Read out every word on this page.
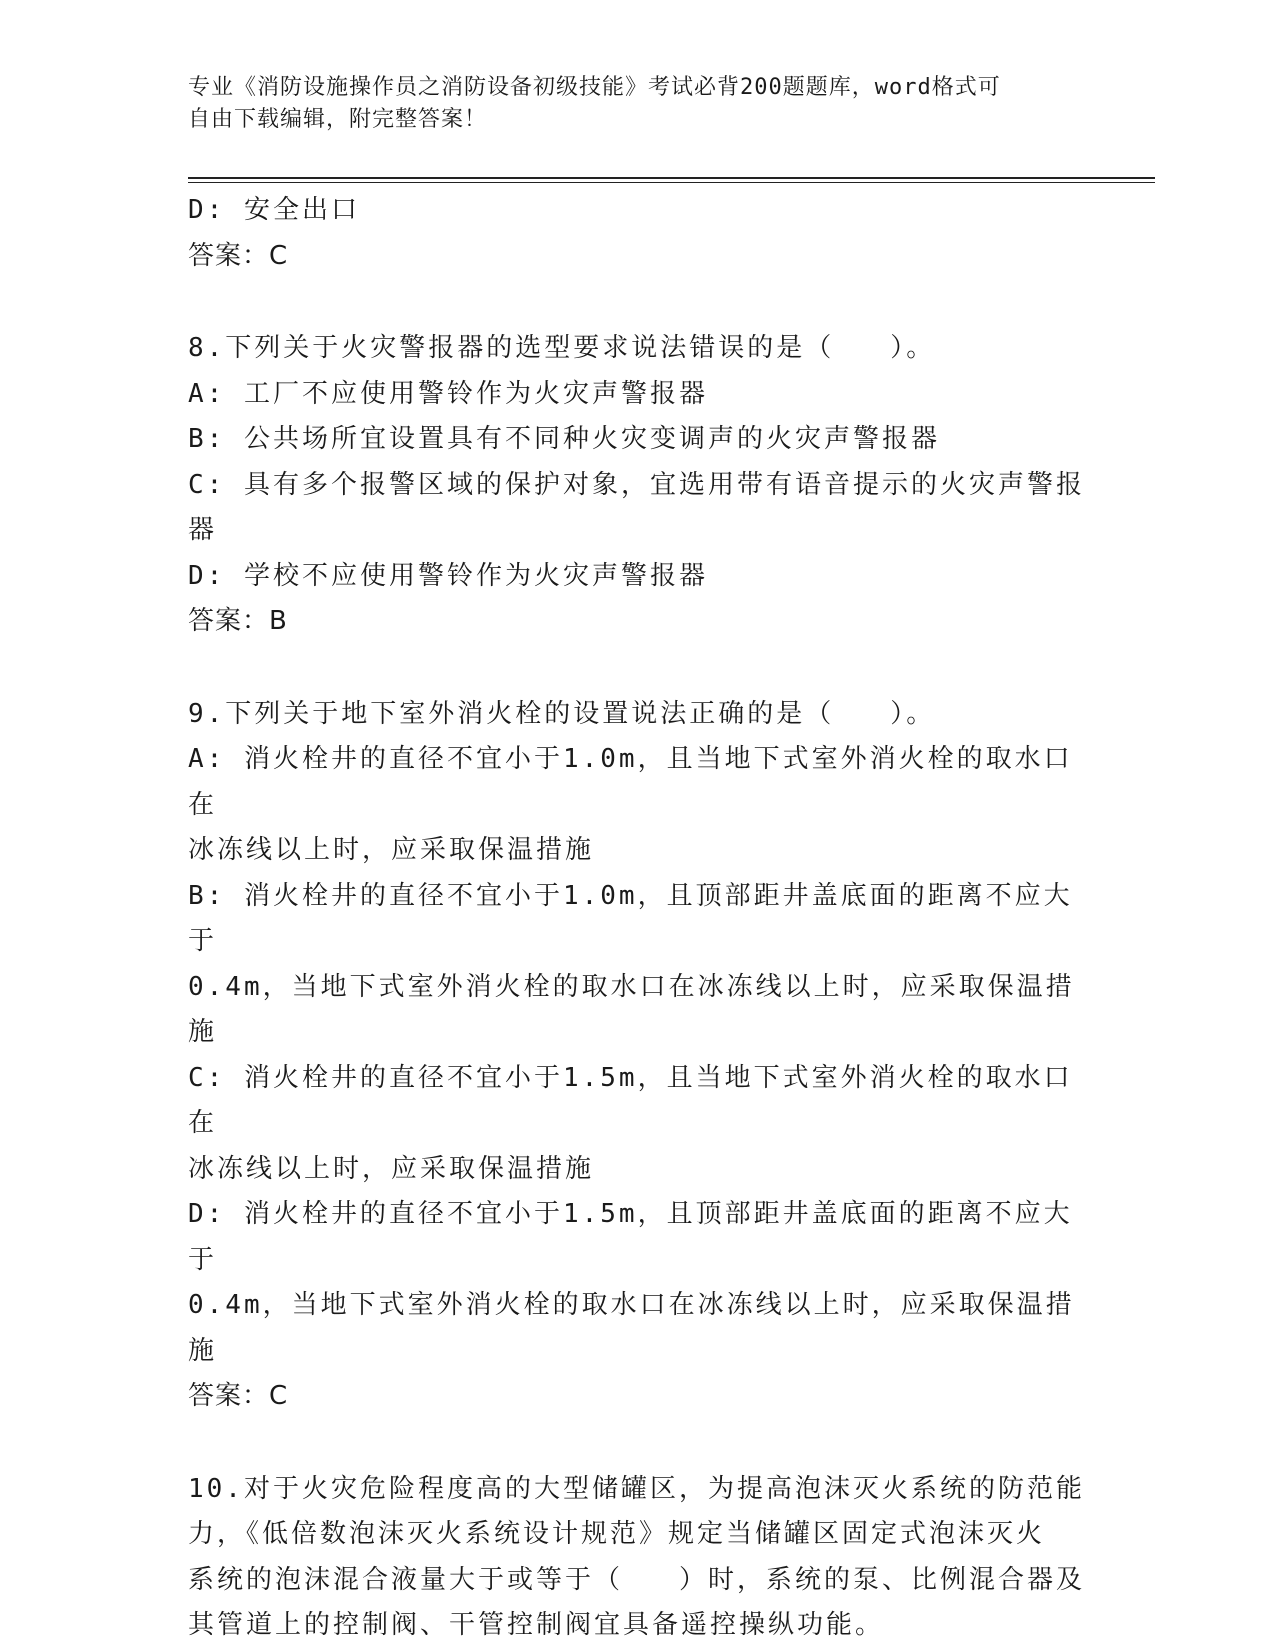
专业《消防设施操作员之消防设备初级技能》考试必背200题题库，word格式可
自由下载编辑，附完整答案！
D: 安全出口
答案：C
8.下列关于火灾警报器的选型要求说法错误的是（   ）。
A: 工厂不应使用警铃作为火灾声警报器
B: 公共场所宜设置具有不同种火灾变调声的火灾声警报器
C: 具有多个报警区域的保护对象，宜选用带有语音提示的火灾声警报
器
D: 学校不应使用警铃作为火灾声警报器
答案：B
9.下列关于地下室外消火栓的设置说法正确的是（   ）。
A: 消火栓井的直径不宜小于1.0m，且当地下式室外消火栓的取水口在
冰冻线以上时，应采取保温措施
B: 消火栓井的直径不宜小于1.0m，且顶部距井盖底面的距离不应大于
0.4m，当地下式室外消火栓的取水口在冰冻线以上时，应采取保温措
施
C: 消火栓井的直径不宜小于1.5m，且当地下式室外消火栓的取水口在
冰冻线以上时，应采取保温措施
D: 消火栓井的直径不宜小于1.5m，且顶部距井盖底面的距离不应大于
0.4m，当地下式室外消火栓的取水口在冰冻线以上时，应采取保温措
施
答案：C
10.对于火灾危险程度高的大型储罐区，为提高泡沫灭火系统的防范能
力，《低倍数泡沫灭火系统设计规范》规定当储罐区固定式泡沫灭火
系统的泡沫混合液量大于或等于（   ）时，系统的泵、比例混合器及
其管道上的控制阀、干管控制阀宜具备遥控操纵功能。
